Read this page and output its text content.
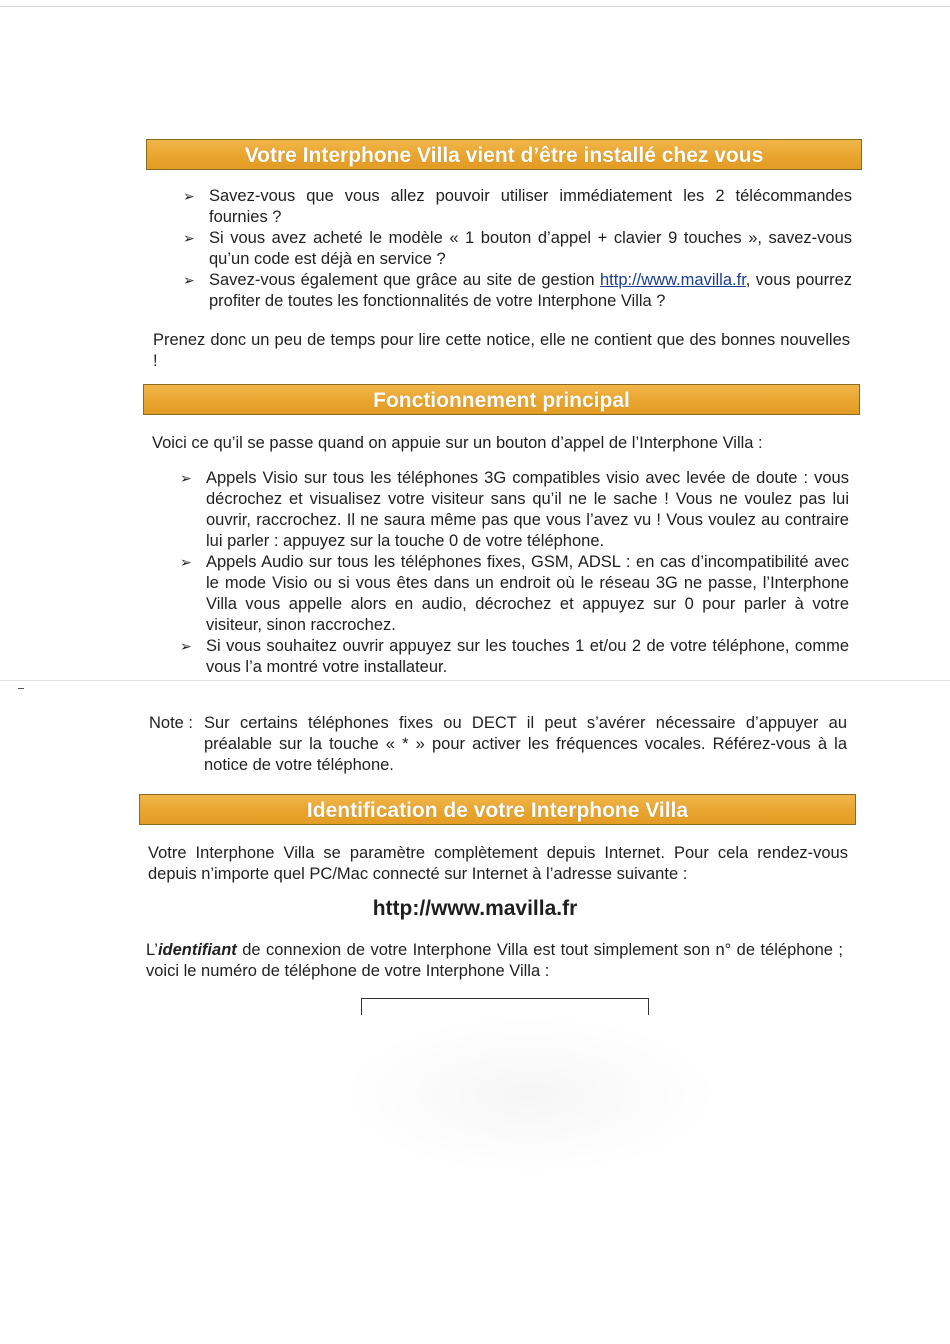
Votre Interphone Villa vient d’être installé chez vous
➢ Savez-vous que vous allez pouvoir utiliser immédiatement les 2 télécommandes fournies ?
➢ Si vous avez acheté le modèle « 1 bouton d’appel + clavier 9 touches », savez-vous qu’un code est déjà en service ?
➢ Savez-vous également que grâce au site de gestion http://www.mavilla.fr, vous pourrez profiter de toutes les fonctionnalités de votre Interphone Villa ?

Prenez donc un peu de temps pour lire cette notice, elle ne contient que des bonnes nouvelles !

Fonctionnement principal

Voici ce qu’il se passe quand on appuie sur un bouton d’appel de l’Interphone Villa :

➢ Appels Visio sur tous les téléphones 3G compatibles visio avec levée de doute : vous décrochez et visualisez votre visiteur sans qu’il ne le sache ! Vous ne voulez pas lui ouvrir, raccrochez. Il ne saura même pas que vous l’avez vu ! Vous voulez au contraire lui parler : appuyez sur la touche 0 de votre téléphone.
➢ Appels Audio sur tous les téléphones fixes, GSM, ADSL : en cas d’incompatibilité avec le mode Visio ou si vous êtes dans un endroit où le réseau 3G ne passe, l’Interphone Villa vous appelle alors en audio, décrochez et appuyez sur 0 pour parler à votre visiteur, sinon raccrochez.
➢ Si vous souhaitez ouvrir appuyez sur les touches 1 et/ou 2 de votre téléphone, comme vous l’a montré votre installateur.
Note : Sur certains téléphones fixes ou DECT il peut s’avérer nécessaire d’appuyer au préalable sur la touche « * » pour activer les fréquences vocales. Référez-vous à la notice de votre téléphone.

Identification de votre Interphone Villa

Votre Interphone Villa se paramètre complètement depuis Internet. Pour cela rendez-vous depuis n’importe quel PC/Mac connecté sur Internet à l’adresse suivante :

http://www.mavilla.fr

L’identifiant de connexion de votre Interphone Villa est tout simplement son n° de téléphone ; voici le numéro de téléphone de votre Interphone Villa :
